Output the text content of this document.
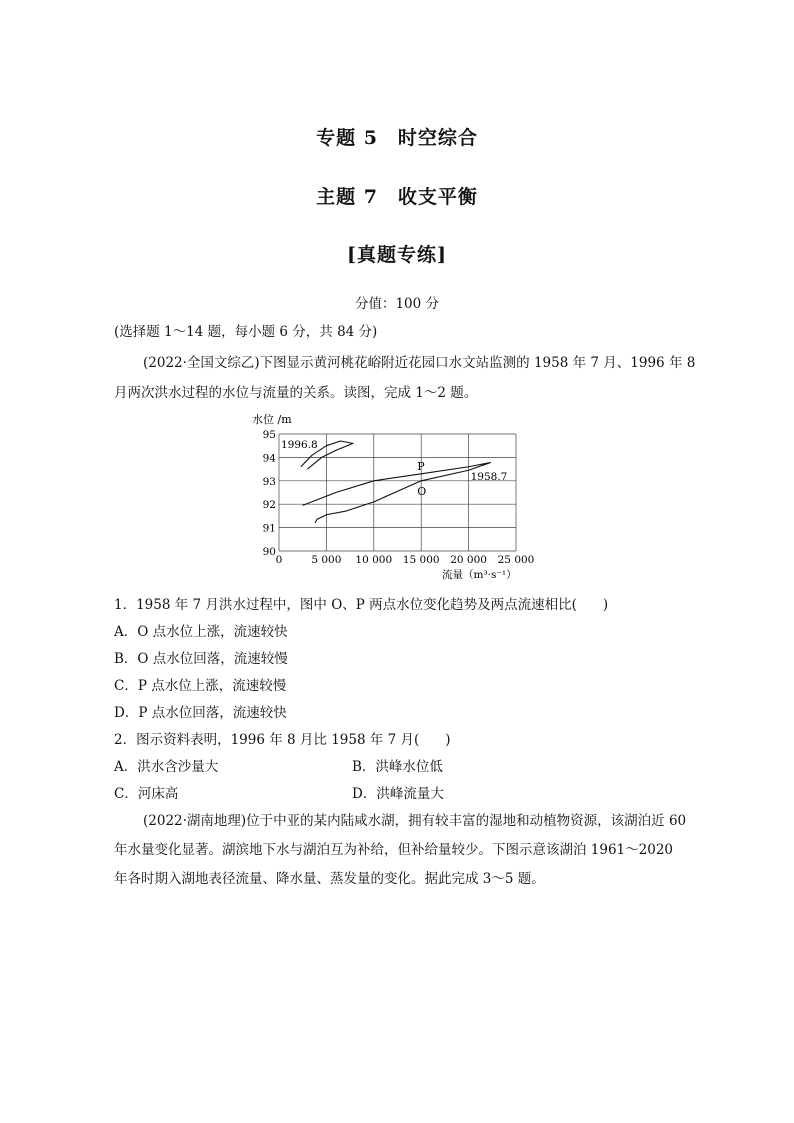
专题 5　时空综合
主题 7　收支平衡
[真题专练]
分值：100 分
(选择题 1～14 题，每小题 6 分，共 84 分)
(2022·全国文综乙)下图显示黄河桃花峪附近花园口水文站监测的 1958 年 7 月、1996 年 8
月两次洪水过程的水位与流量的关系。读图，完成 1～2 题。
水位 /m
90
91
92
93
94
95
0	5 000 10 000 15 000 20 000 25 000
1958.7
1996.8
P
O
流量（m³·s⁻¹）
1．1958 年 7 月洪水过程中，图中 O、P 两点水位变化趋势及两点流速相比( )
A．O 点水位上涨，流速较快
B．O 点水位回落，流速较慢
C．P 点水位上涨，流速较慢
D．P 点水位回落，流速较快
2．图示资料表明，1996 年 8 月比 1958 年 7 月( )
A．洪水含沙量大	B．洪峰水位低
C．河床高	D．洪峰流量大
(2022·湖南地理)位于中亚的某内陆咸水湖，拥有较丰富的湿地和动植物资源，该湖泊近 60
年水量变化显著。湖滨地下水与湖泊互为补给，但补给量较少。下图示意该湖泊 1961～2020
年各时期入湖地表径流量、降水量、蒸发量的变化。据此完成 3～5 题。
